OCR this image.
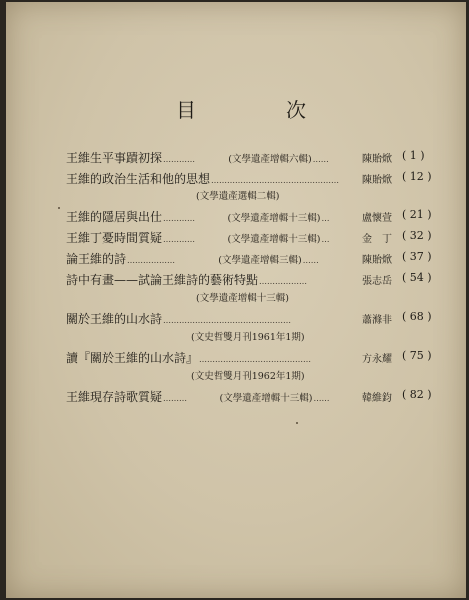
目	次
王維生平事蹟初探 …………	(文學遺產增輯六輯) ……	陳貽焮 ( 1 )
王維的政治生活和他的思想 …………………………………………	陳貽焮 ( 12 )
(文學遺產選輯二輯)
王維的隱居與出仕 …………	(文學遺產增輯十三輯) …	盧懷萱 ( 21 )
王維丁憂時間質疑 …………	(文學遺產增輯十三輯) …	金　丁 ( 32 )
論王維的詩 ………………	(文學遺產增輯三輯) ……	陳貽焮 ( 37 )
詩中有畫——試論王維詩的藝術特點 ………………	張志岳 ( 54 )
(文學遺產增輯十三輯)
關於王維的山水詩 …………………………………………	蕭滌非 ( 68 )
(文史哲雙月刊1961年1期)
讀『關於王維的山水詩』 ……………………………………	方永耀 ( 75 )
(文史哲雙月刊1962年1期)
王維現存詩歌質疑 ………	(文學遺產增輯十三輯) ……	韓維鈞 ( 82 )
